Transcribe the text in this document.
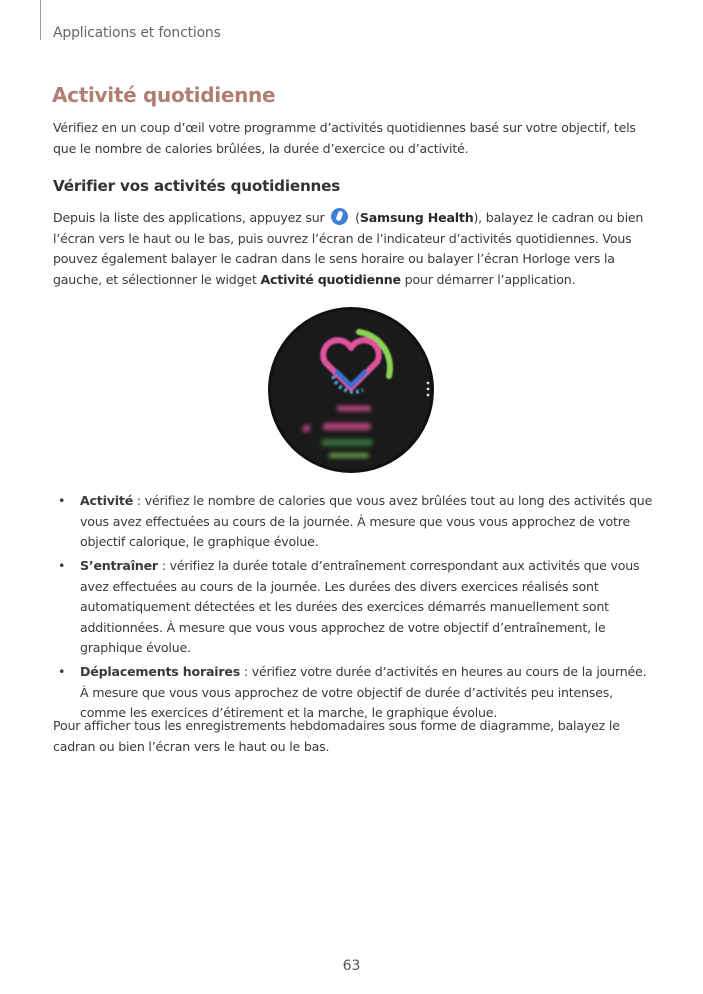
Applications et fonctions
Activité quotidienne
Vérifiez en un coup d’œil votre programme d’activités quotidiennes basé sur votre objectif, tels que le nombre de calories brûlées, la durée d’exercice ou d’activité.
Vérifier vos activités quotidiennes
Depuis la liste des applications, appuyez sur
(Samsung Health), balayez le cadran ou bien l’écran vers le haut ou le bas, puis ouvrez l’écran de l’indicateur d’activités quotidiennes. Vous pouvez également balayer le cadran dans le sens horaire ou balayer l’écran Horloge vers la gauche, et sélectionner le widget Activité quotidienne pour démarrer l’application.
• Activité : vérifiez le nombre de calories que vous avez brûlées tout au long des activités que vous avez effectuées au cours de la journée. À mesure que vous vous approchez de votre objectif calorique, le graphique évolue.
• S’entraîner : vérifiez la durée totale d’entraînement correspondant aux activités que vous avez effectuées au cours de la journée. Les durées des divers exercices réalisés sont automatiquement détectées et les durées des exercices démarrés manuellement sont additionnées. À mesure que vous vous approchez de votre objectif d’entraînement, le graphique évolue.
• Déplacements horaires : vérifiez votre durée d’activités en heures au cours de la journée. À mesure que vous vous approchez de votre objectif de durée d’activités peu intenses, comme les exercices d’étirement et la marche, le graphique évolue.
Pour afficher tous les enregistrements hebdomadaires sous forme de diagramme, balayez le cadran ou bien l’écran vers le haut ou le bas.
63
